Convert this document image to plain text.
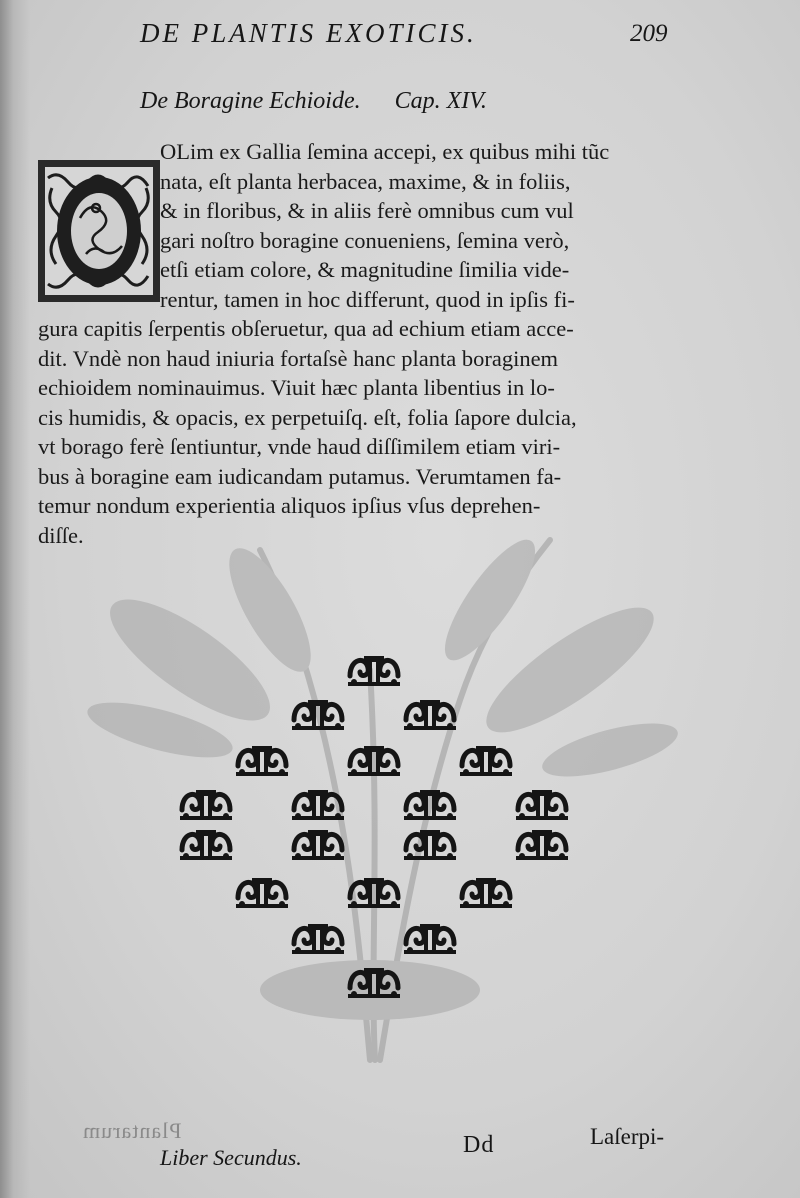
DE PLANTIS EXOTICIS.	209
De Boragine Echioide. Cap. XIV.
OLim ex Gallia ſemina accepi, ex quibus mihi tũc
nata, eſt planta herbacea, maxime, & in foliis,
& in floribus, & in aliis ferè omnibus cum vul
gari noſtro boragine conueniens, ſemina verò,
etſi etiam colore, & magnitudine ſimilia vide-
rentur, tamen in hoc differunt, quod in ipſis fi-
gura capitis ſerpentis obſeruetur, qua ad echium etiam acce-
dit. Vndè non haud iniuria fortaſsè hanc planta boraginem
echioidem nominauimus. Viuit hæc planta libentius in lo-
cis humidis, & opacis, ex perpetuiſq. eſt, folia ſapore dulcia,
vt borago ferè ſentiuntur, vnde haud diſſimilem etiam viri-
bus à boragine eam iudicandam putamus. Verumtamen fa-
temur nondum experientia aliquos ipſius vſus deprehen-
diſſe.
Plantarum
Liber Secundus.	Dd	Laſerpi-
